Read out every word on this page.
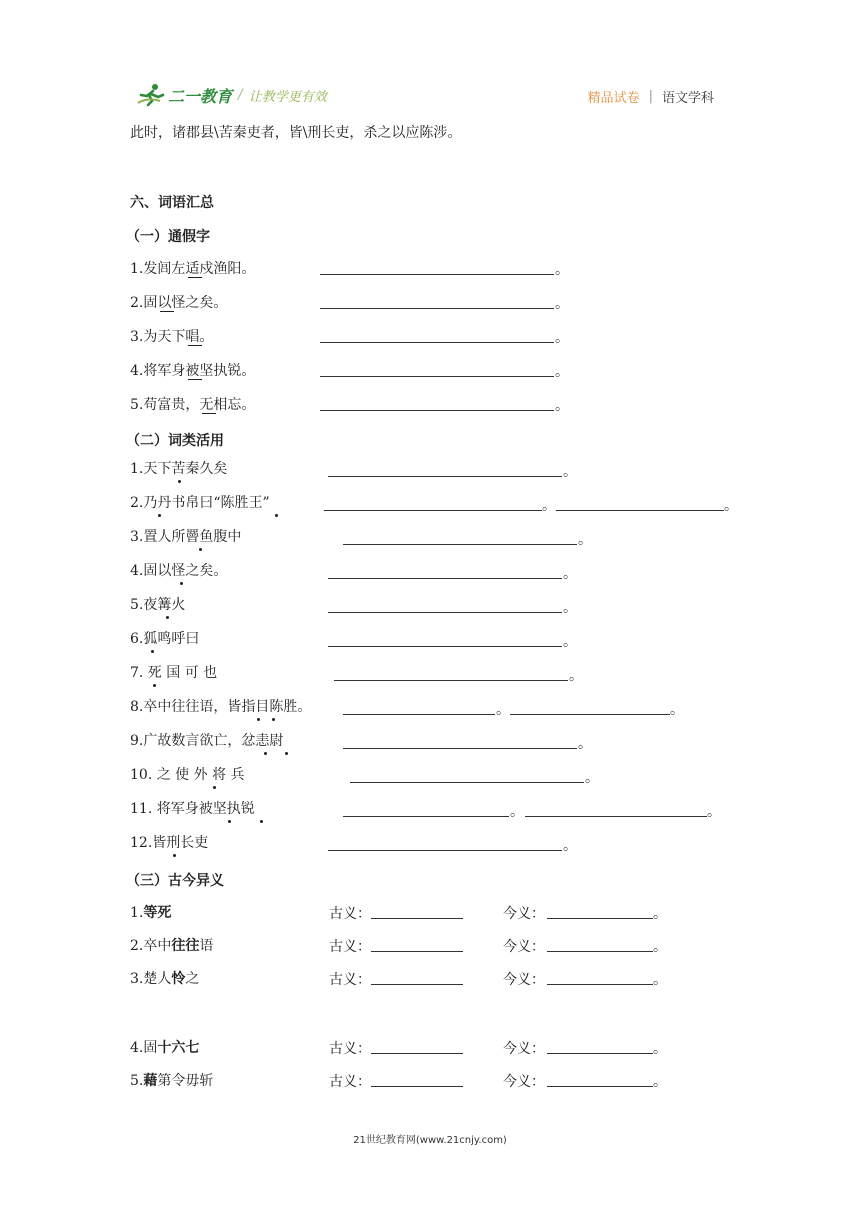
二一教育 / 让教学更有效	精品试卷 | 语文学科
此时，诸郡县\苦秦吏者，皆\刑长吏，杀之以应陈涉。
六、词语汇总
（一）通假字
1.发闾左适戍渔阳。	。
2.固以怪之矣。	。
3.为天下唱。	。
4.将军身被坚执锐。	。
5.苟富贵，无相忘。	。
（二）词类活用
1.天下苦秦久矣	。
2.乃丹书帛曰“陈胜王”	。	。
3.置人所罾鱼腹中	。
4.固以怪之矣。	。
5.夜篝火	。
6.狐鸣呼曰	。
7. 死 国 可 也	。
8.卒中往往语，皆指目陈胜。	。	。
9.广故数言欲亡，忿恚尉	。
10. 之 使 外 将 兵	。
11. 将军身被坚执锐	。	。
12.皆刑长吏	。
（三）古今异义
1.等死	古义：	今义：	。
2.卒中往往语	古义：	今义：	。
3.楚人怜之	古义：	今义：	。
4.固十六七	古义：	今义：	。
5.藉第令毋斩	古义：	今义：	。
21世纪教育网(www.21cnjy.com)
